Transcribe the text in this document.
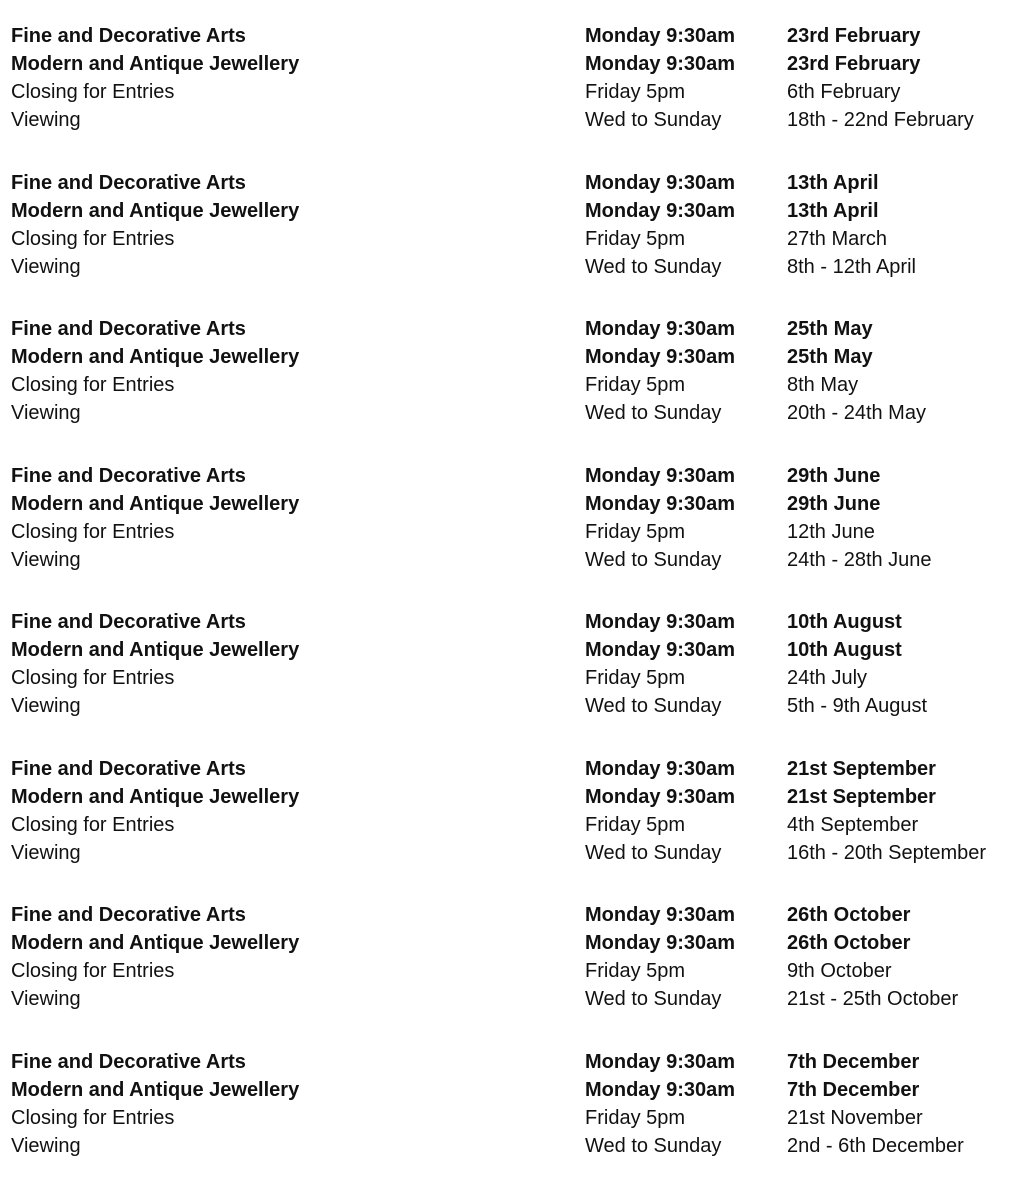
Fine and Decorative Arts	Monday 9:30am	23rd February
Modern and Antique Jewellery	Monday 9:30am	23rd February
Closing for Entries	Friday 5pm	6th February
Viewing	Wed to Sunday	18th - 22nd February
Fine and Decorative Arts	Monday 9:30am	13th April
Modern and Antique Jewellery	Monday 9:30am	13th April
Closing for Entries	Friday 5pm	27th March
Viewing	Wed to Sunday	8th - 12th April
Fine and Decorative Arts	Monday 9:30am	25th May
Modern and Antique Jewellery	Monday 9:30am	25th May
Closing for Entries	Friday 5pm	8th May
Viewing	Wed to Sunday	20th - 24th May
Fine and Decorative Arts	Monday 9:30am	29th June
Modern and Antique Jewellery	Monday 9:30am	29th June
Closing for Entries	Friday 5pm	12th June
Viewing	Wed to Sunday	24th - 28th June
Fine and Decorative Arts	Monday 9:30am	10th August
Modern and Antique Jewellery	Monday 9:30am	10th August
Closing for Entries	Friday 5pm	24th July
Viewing	Wed to Sunday	5th - 9th August
Fine and Decorative Arts	Monday 9:30am	21st September
Modern and Antique Jewellery	Monday 9:30am	21st September
Closing for Entries	Friday 5pm	4th September
Viewing	Wed to Sunday	16th - 20th September
Fine and Decorative Arts	Monday 9:30am	26th October
Modern and Antique Jewellery	Monday 9:30am	26th October
Closing for Entries	Friday 5pm	9th October
Viewing	Wed to Sunday	21st - 25th October
Fine and Decorative Arts	Monday 9:30am	7th December
Modern and Antique Jewellery	Monday 9:30am	7th December
Closing for Entries	Friday 5pm	21st November
Viewing	Wed to Sunday	2nd - 6th December
